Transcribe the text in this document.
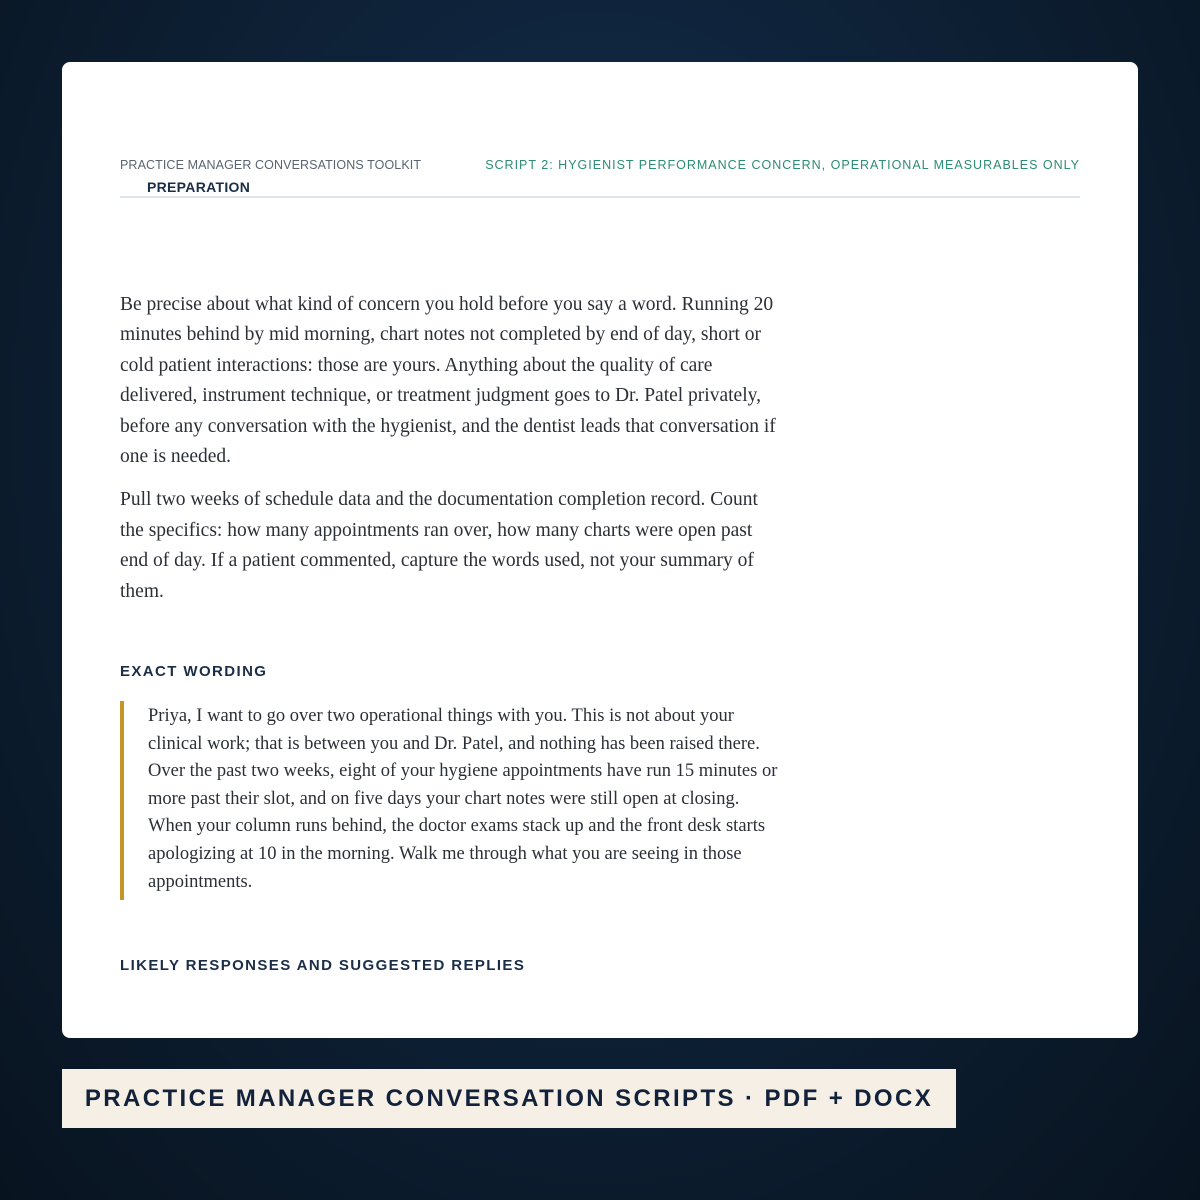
PRACTICE MANAGER CONVERSATIONS TOOLKIT
PREPARATION
SCRIPT 2: HYGIENIST PERFORMANCE CONCERN, OPERATIONAL MEASURABLES ONLY

Be precise about what kind of concern you hold before you say a word. Running 20 minutes behind by mid morning, chart notes not completed by end of day, short or cold patient interactions: those are yours. Anything about the quality of care delivered, instrument technique, or treatment judgment goes to Dr. Patel privately, before any conversation with the hygienist, and the dentist leads that conversation if one is needed.

Pull two weeks of schedule data and the documentation completion record. Count the specifics: how many appointments ran over, how many charts were open past end of day. If a patient commented, capture the words used, not your summary of them.

EXACT WORDING

Priya, I want to go over two operational things with you. This is not about your clinical work; that is between you and Dr. Patel, and nothing has been raised there. Over the past two weeks, eight of your hygiene appointments have run 15 minutes or more past their slot, and on five days your chart notes were still open at closing. When your column runs behind, the doctor exams stack up and the front desk starts apologizing at 10 in the morning. Walk me through what you are seeing in those appointments.

LIKELY RESPONSES AND SUGGESTED REPLIES
PRACTICE MANAGER CONVERSATION SCRIPTS · PDF + DOCX
